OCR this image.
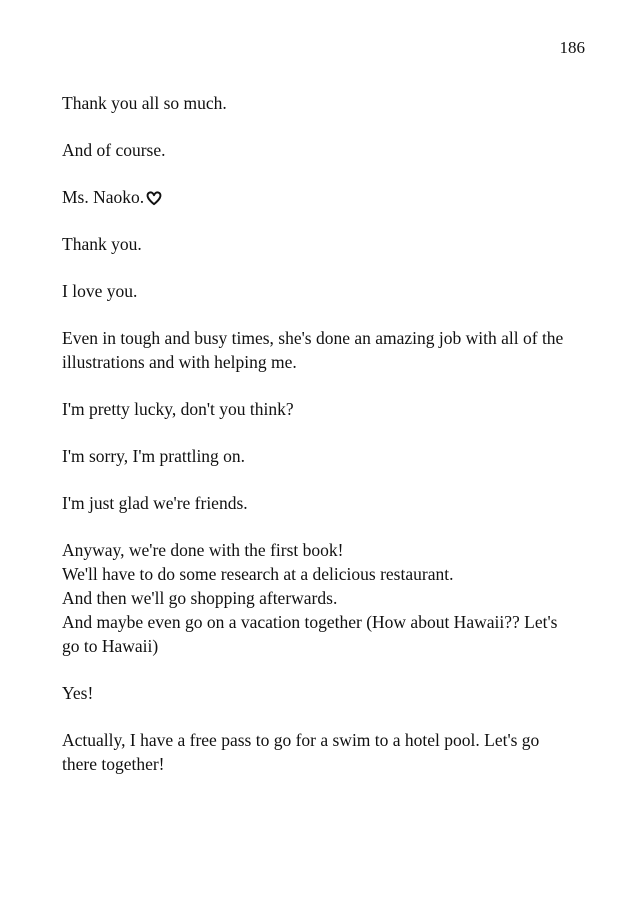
186

Thank you all so much.

And of course.

Ms. Naoko.

Thank you.

I love you.

Even in tough and busy times, she's done an amazing job with all of the illustrations and with helping me.

I'm pretty lucky, don't you think?

I'm sorry, I'm prattling on.

I'm just glad we're friends.

Anyway, we're done with the first book!
We'll have to do some research at a delicious restaurant.
And then we'll go shopping afterwards.
And maybe even go on a vacation together (How about Hawaii?? Let's go to Hawaii)

Yes!

Actually, I have a free pass to go for a swim to a hotel pool. Let's go there together!
